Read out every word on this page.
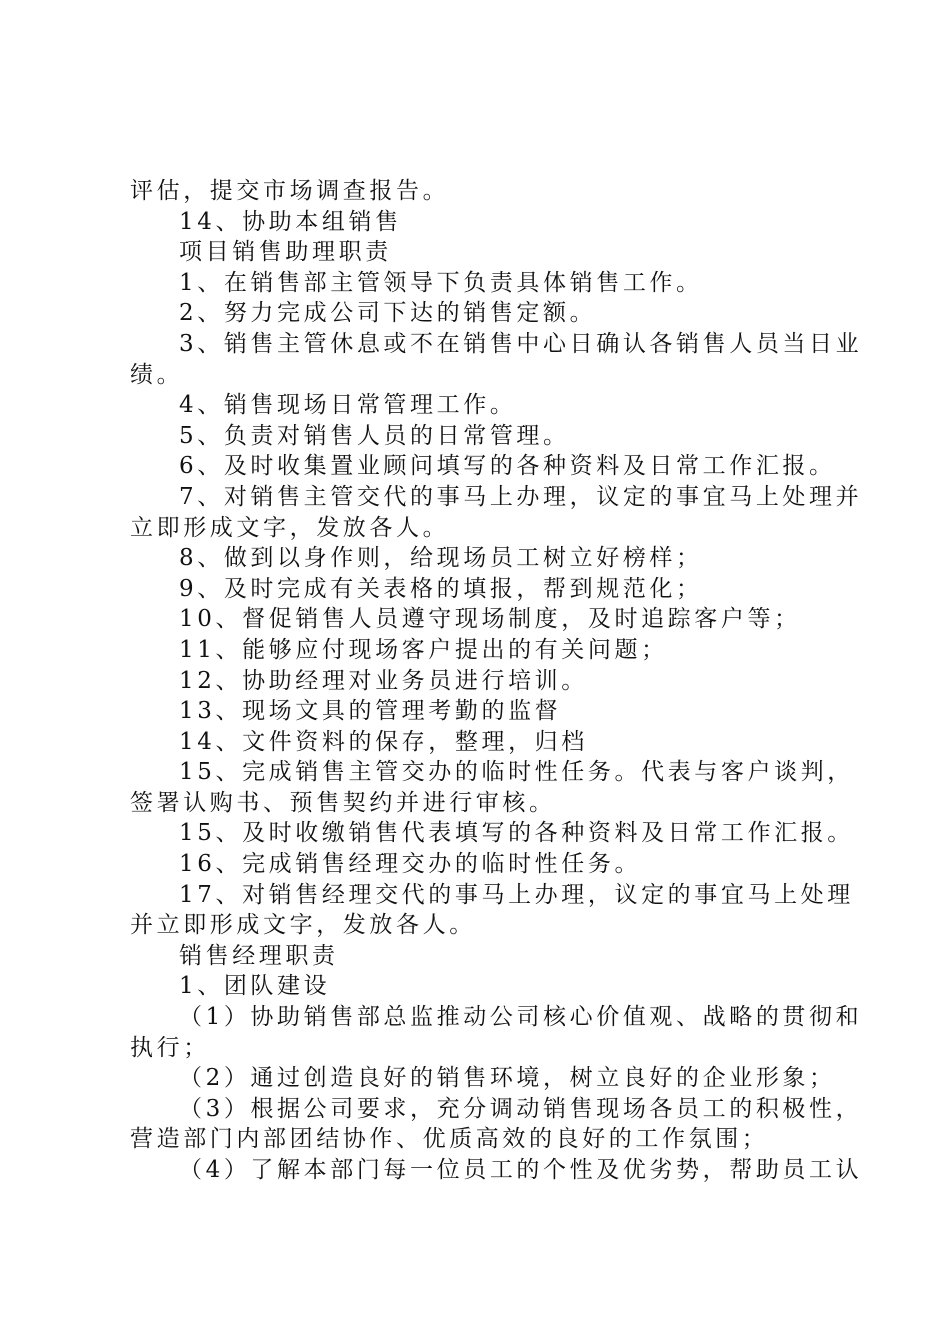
评估，提交市场调查报告。

14、协助本组销售

项目销售助理职责

1、在销售部主管领导下负责具体销售工作。

2、努力完成公司下达的销售定额。

3、销售主管休息或不在销售中心日确认各销售人员当日业

绩。

4、销售现场日常管理工作。

5、负责对销售人员的日常管理。

6、及时收集置业顾问填写的各种资料及日常工作汇报。

7、对销售主管交代的事马上办理，议定的事宜马上处理并

立即形成文字，发放各人。

8、做到以身作则，给现场员工树立好榜样；

9、及时完成有关表格的填报，帮到规范化；

10、督促销售人员遵守现场制度，及时追踪客户等；

11、能够应付现场客户提出的有关问题；

12、协助经理对业务员进行培训。

13、现场文具的管理考勤的监督

14、文件资料的保存，整理，归档

15、完成销售主管交办的临时性任务。代表与客户谈判，

签署认购书、预售契约并进行审核。

15、及时收缴销售代表填写的各种资料及日常工作汇报。

16、完成销售经理交办的临时性任务。

17、对销售经理交代的事马上办理，议定的事宜马上处理

并立即形成文字，发放各人。

销售经理职责

1、团队建设

（1）协助销售部总监推动公司核心价值观、战略的贯彻和

执行；

（2）通过创造良好的销售环境，树立良好的企业形象；

（3）根据公司要求，充分调动销售现场各员工的积极性，

营造部门内部团结协作、优质高效的良好的工作氛围；

（4）了解本部门每一位员工的个性及优劣势，帮助员工认
